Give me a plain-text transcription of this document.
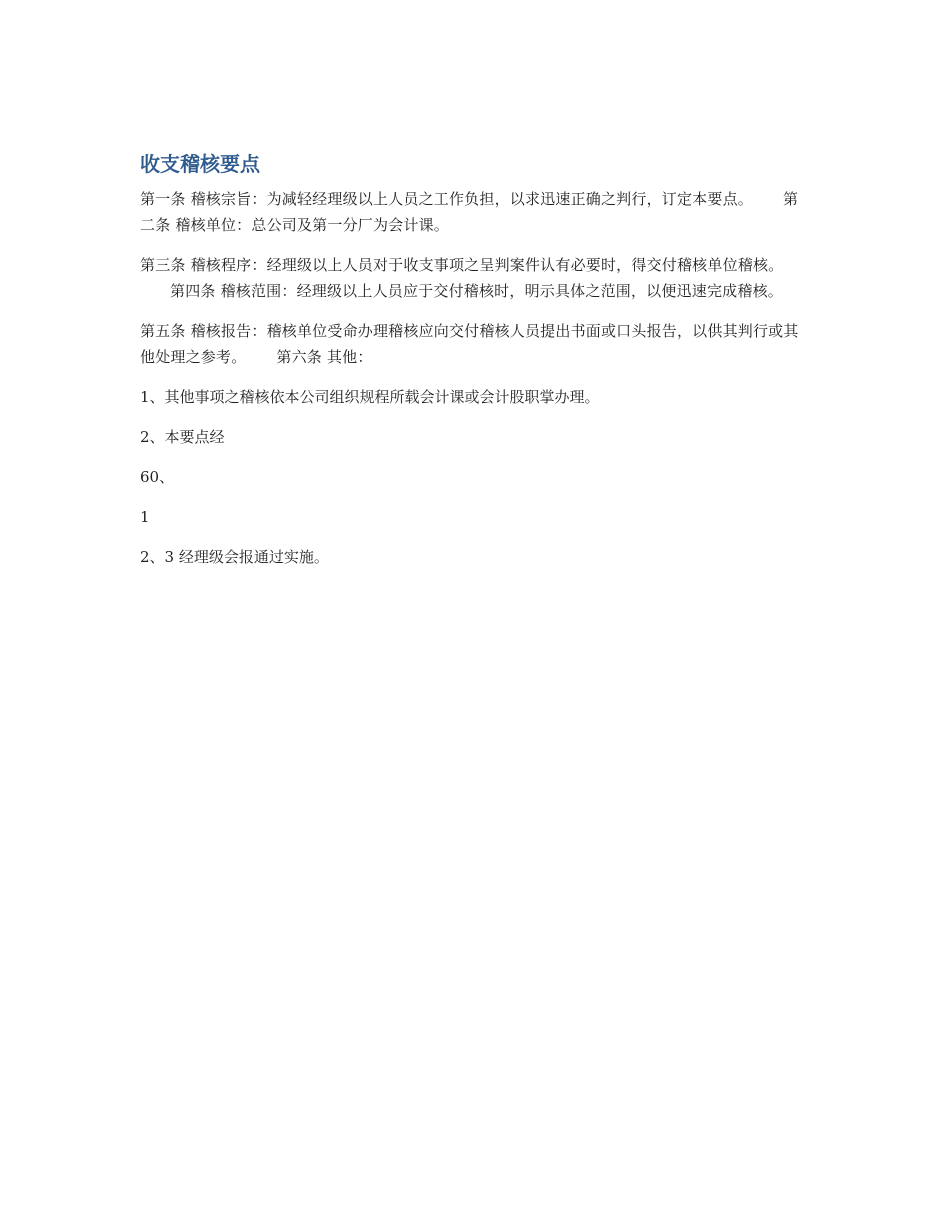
收支稽核要点

第一条 稽核宗旨：为减轻经理级以上人员之工作负担，以求迅速正确之判行，订定本要点。 第二条 稽核单位：总公司及第一分厂为会计课。

第三条 稽核程序：经理级以上人员对于收支事项之呈判案件认有必要时，得交付稽核单位稽核。第四条 稽核范围：经理级以上人员应于交付稽核时，明示具体之范围，以便迅速完成稽核。

第五条 稽核报告：稽核单位受命办理稽核应向交付稽核人员提出书面或口头报告，以供其判行或其他处理之参考。 第六条 其他：

1、其他事项之稽核依本公司组织规程所载会计课或会计股职掌办理。

2、本要点经

60、

1

2、3 经理级会报通过实施。
